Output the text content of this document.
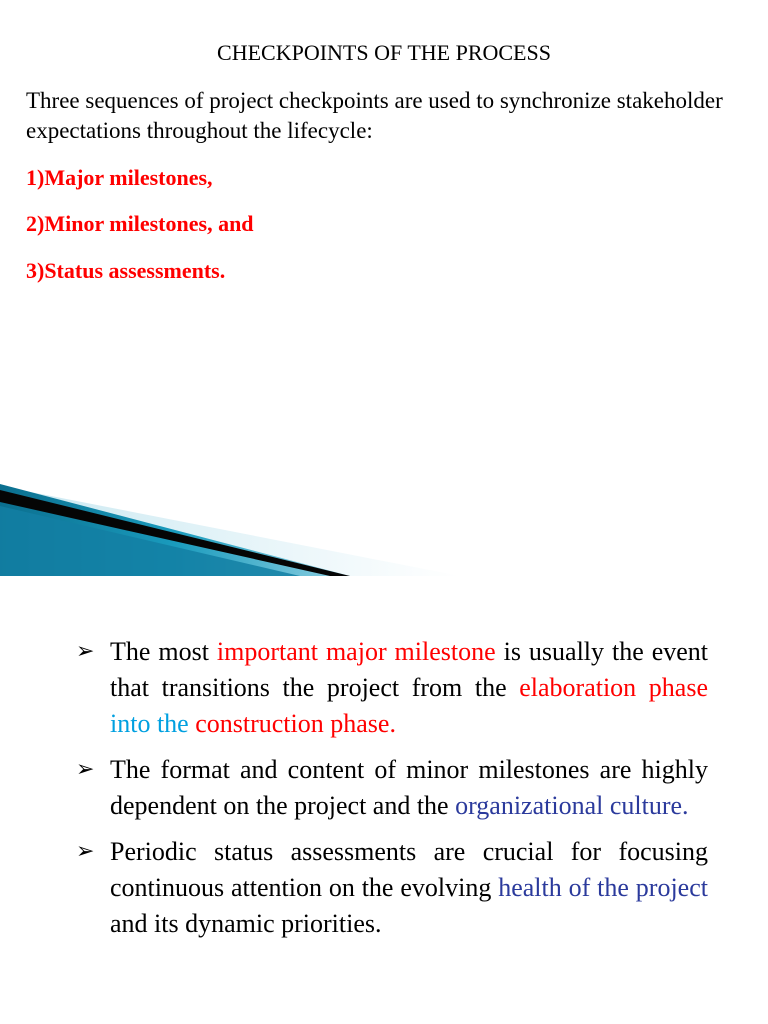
CHECKPOINTS OF THE PROCESS

Three sequences of project checkpoints are used to synchronize stakeholder expectations throughout the lifecycle:

1)Major milestones,

2)Minor milestones, and

3)Status assessments.

➢ The most important major milestone is usually the event that transitions the project from the elaboration phase into the construction phase.
➢ The format and content of minor milestones are highly dependent on the project and the organizational culture.
➢ Periodic status assessments are crucial for focusing continuous attention on the evolving health of the project and its dynamic priorities.
